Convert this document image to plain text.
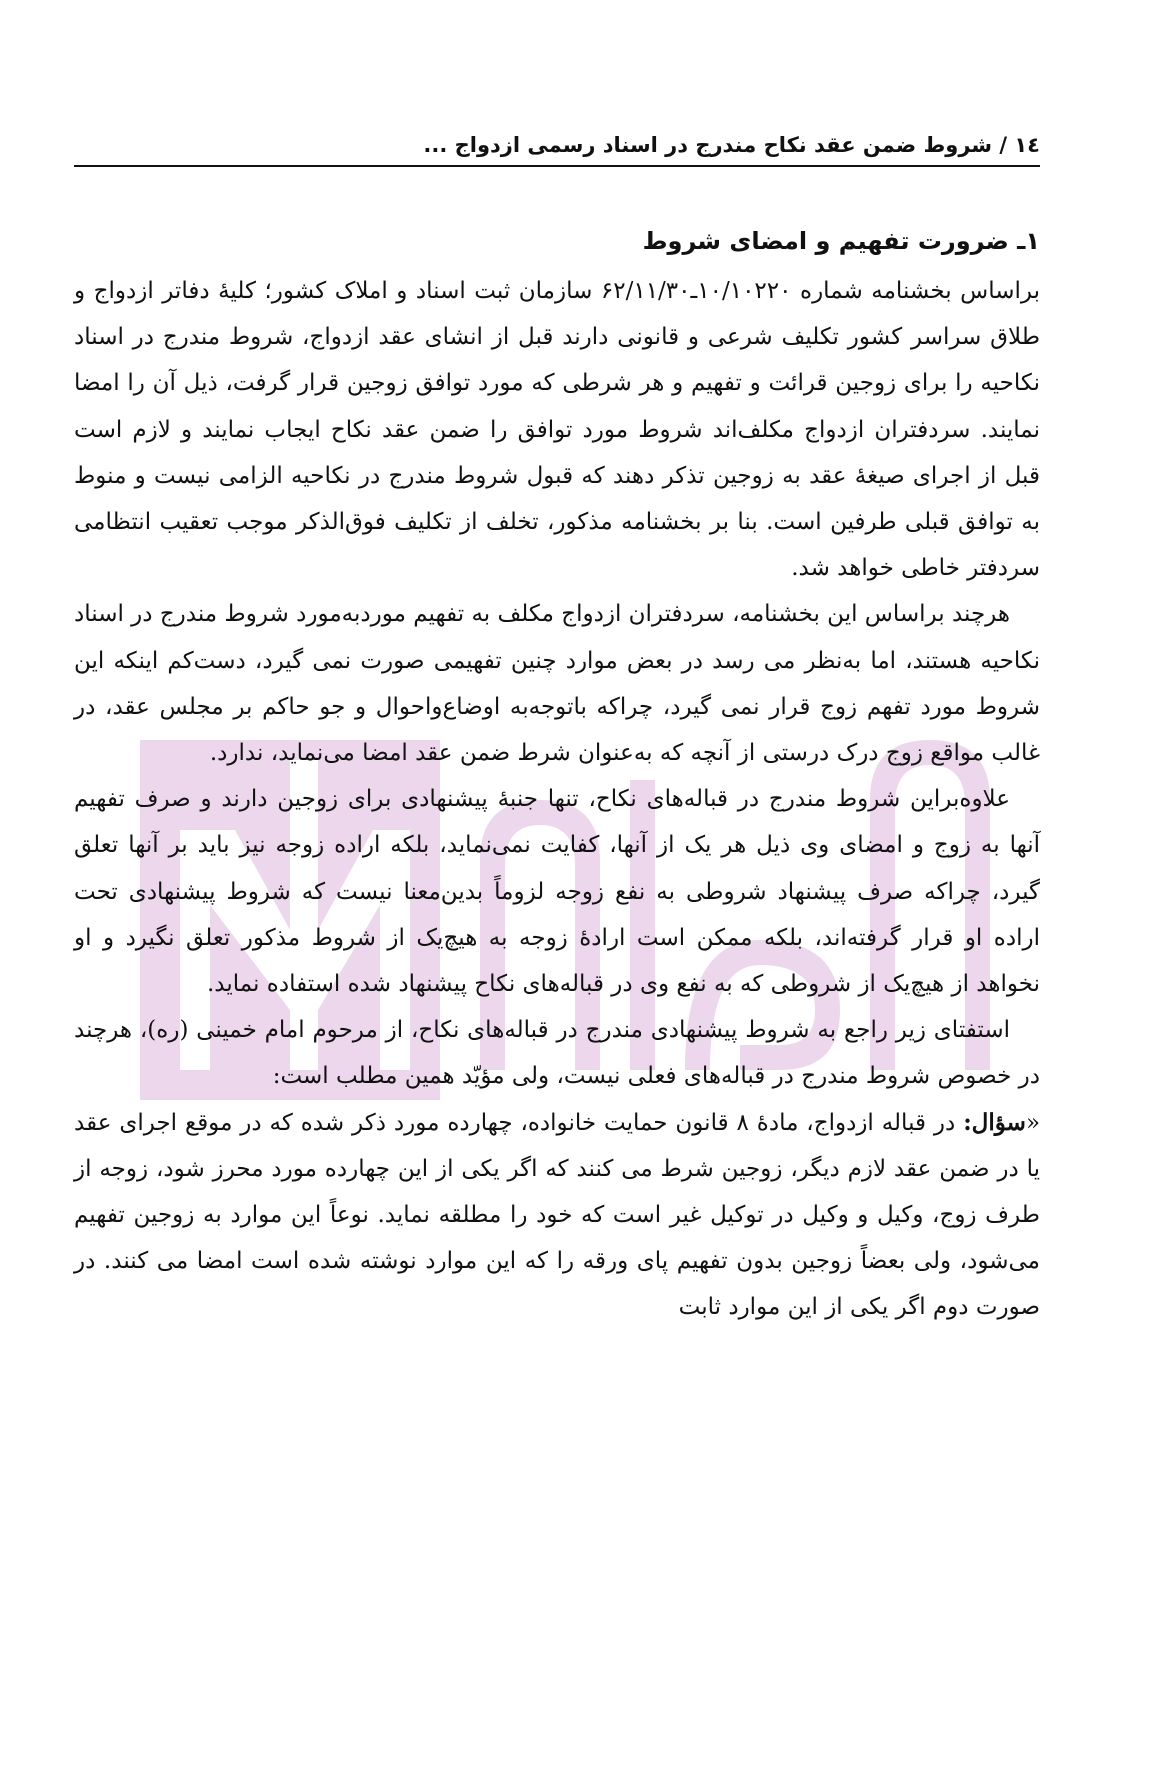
١٤ / شروط ضمن عقد نکاح مندرج در اسناد رسمی ازدواج ...
۱ـ ضرورت تفهیم و امضای شروط

براساس بخشنامه شماره ۱۰/۱۰۲۲۰ـ۶۲/۱۱/۳۰ سازمان ثبت اسناد و املاک کشور؛ کلیهٔ دفاتر ازدواج و طلاق سراسر کشور تکلیف شرعی و قانونی دارند قبل از انشای عقد ازدواج، شروط مندرج در اسناد نکاحیه را برای زوجین قرائت و تفهیم و هر شرطی که مورد توافق زوجین قرار گرفت، ذیل آن را امضا نمایند. سردفتران ازدواج مکلف‌اند شروط مورد توافق را ضمن عقد نکاح ایجاب نمایند و لازم است قبل از اجرای صیغهٔ عقد به زوجین تذکر دهند که قبول شروط مندرج در نکاحیه الزامی نیست و منوط به توافق قبلی طرفین است. بنا بر بخشنامه مذکور، تخلف از تکلیف فوق‌الذکر موجب تعقیب انتظامی سردفتر خاطی خواهد شد.

هرچند براساس این بخشنامه، سردفتران ازدواج مکلف به تفهیم موردبه‌مورد شروط مندرج در اسناد نکاحیه هستند، اما به‌نظر می رسد در بعض موارد چنین تفهیمی صورت نمی گیرد، دست‌کم اینکه این شروط مورد تفهم زوج قرار نمی گیرد، چراکه باتوجه‌به اوضاع‌واحوال و جو حاکم بر مجلس عقد، در غالب مواقع زوج درک درستی از آنچه که به‌عنوان شرط ضمن عقد امضا می‌نماید، ندارد.

علاوه‌براین شروط مندرج در قباله‌های نکاح، تنها جنبهٔ پیشنهادی برای زوجین دارند و صرف تفهیم آنها به زوج و امضای وی ذیل هر یک از آنها، کفایت نمی‌نماید، بلکه اراده زوجه نیز باید بر آنها تعلق گیرد، چراکه صرف پیشنهاد شروطی به نفع زوجه لزوماً بدین‌معنا نیست که شروط پیشنهادی تحت اراده او قرار گرفته‌اند، بلکه ممکن است ارادهٔ زوجه به هیچ‌یک از شروط مذکور تعلق نگیرد و او نخواهد از هیچ‌یک از شروطی که به نفع وی در قباله‌های نکاح پیشنهاد شده استفاده نماید.

استفتای زیر راجع به شروط پیشنهادی مندرج در قباله‌های نکاح، از مرحوم امام خمینی (ره)، هرچند در خصوص شروط مندرج در قباله‌های فعلی نیست، ولی مؤیّد همین مطلب است:

«سؤال: در قباله ازدواج، مادهٔ ۸ قانون حمایت خانواده، چهارده مورد ذکر شده که در موقع اجرای عقد یا در ضمن عقد لازم دیگر، زوجین شرط می کنند که اگر یکی از این چهارده مورد محرز شود، زوجه از طرف زوج، وکیل و وکیل در توکیل غیر است که خود را مطلقه نماید. نوعاً این موارد به زوجین تفهیم می‌شود، ولی بعضاً زوجین بدون تفهیم پای ورقه را که این موارد نوشته شده است امضا می کنند. در صورت دوم اگر یکی از این موارد ثابت
